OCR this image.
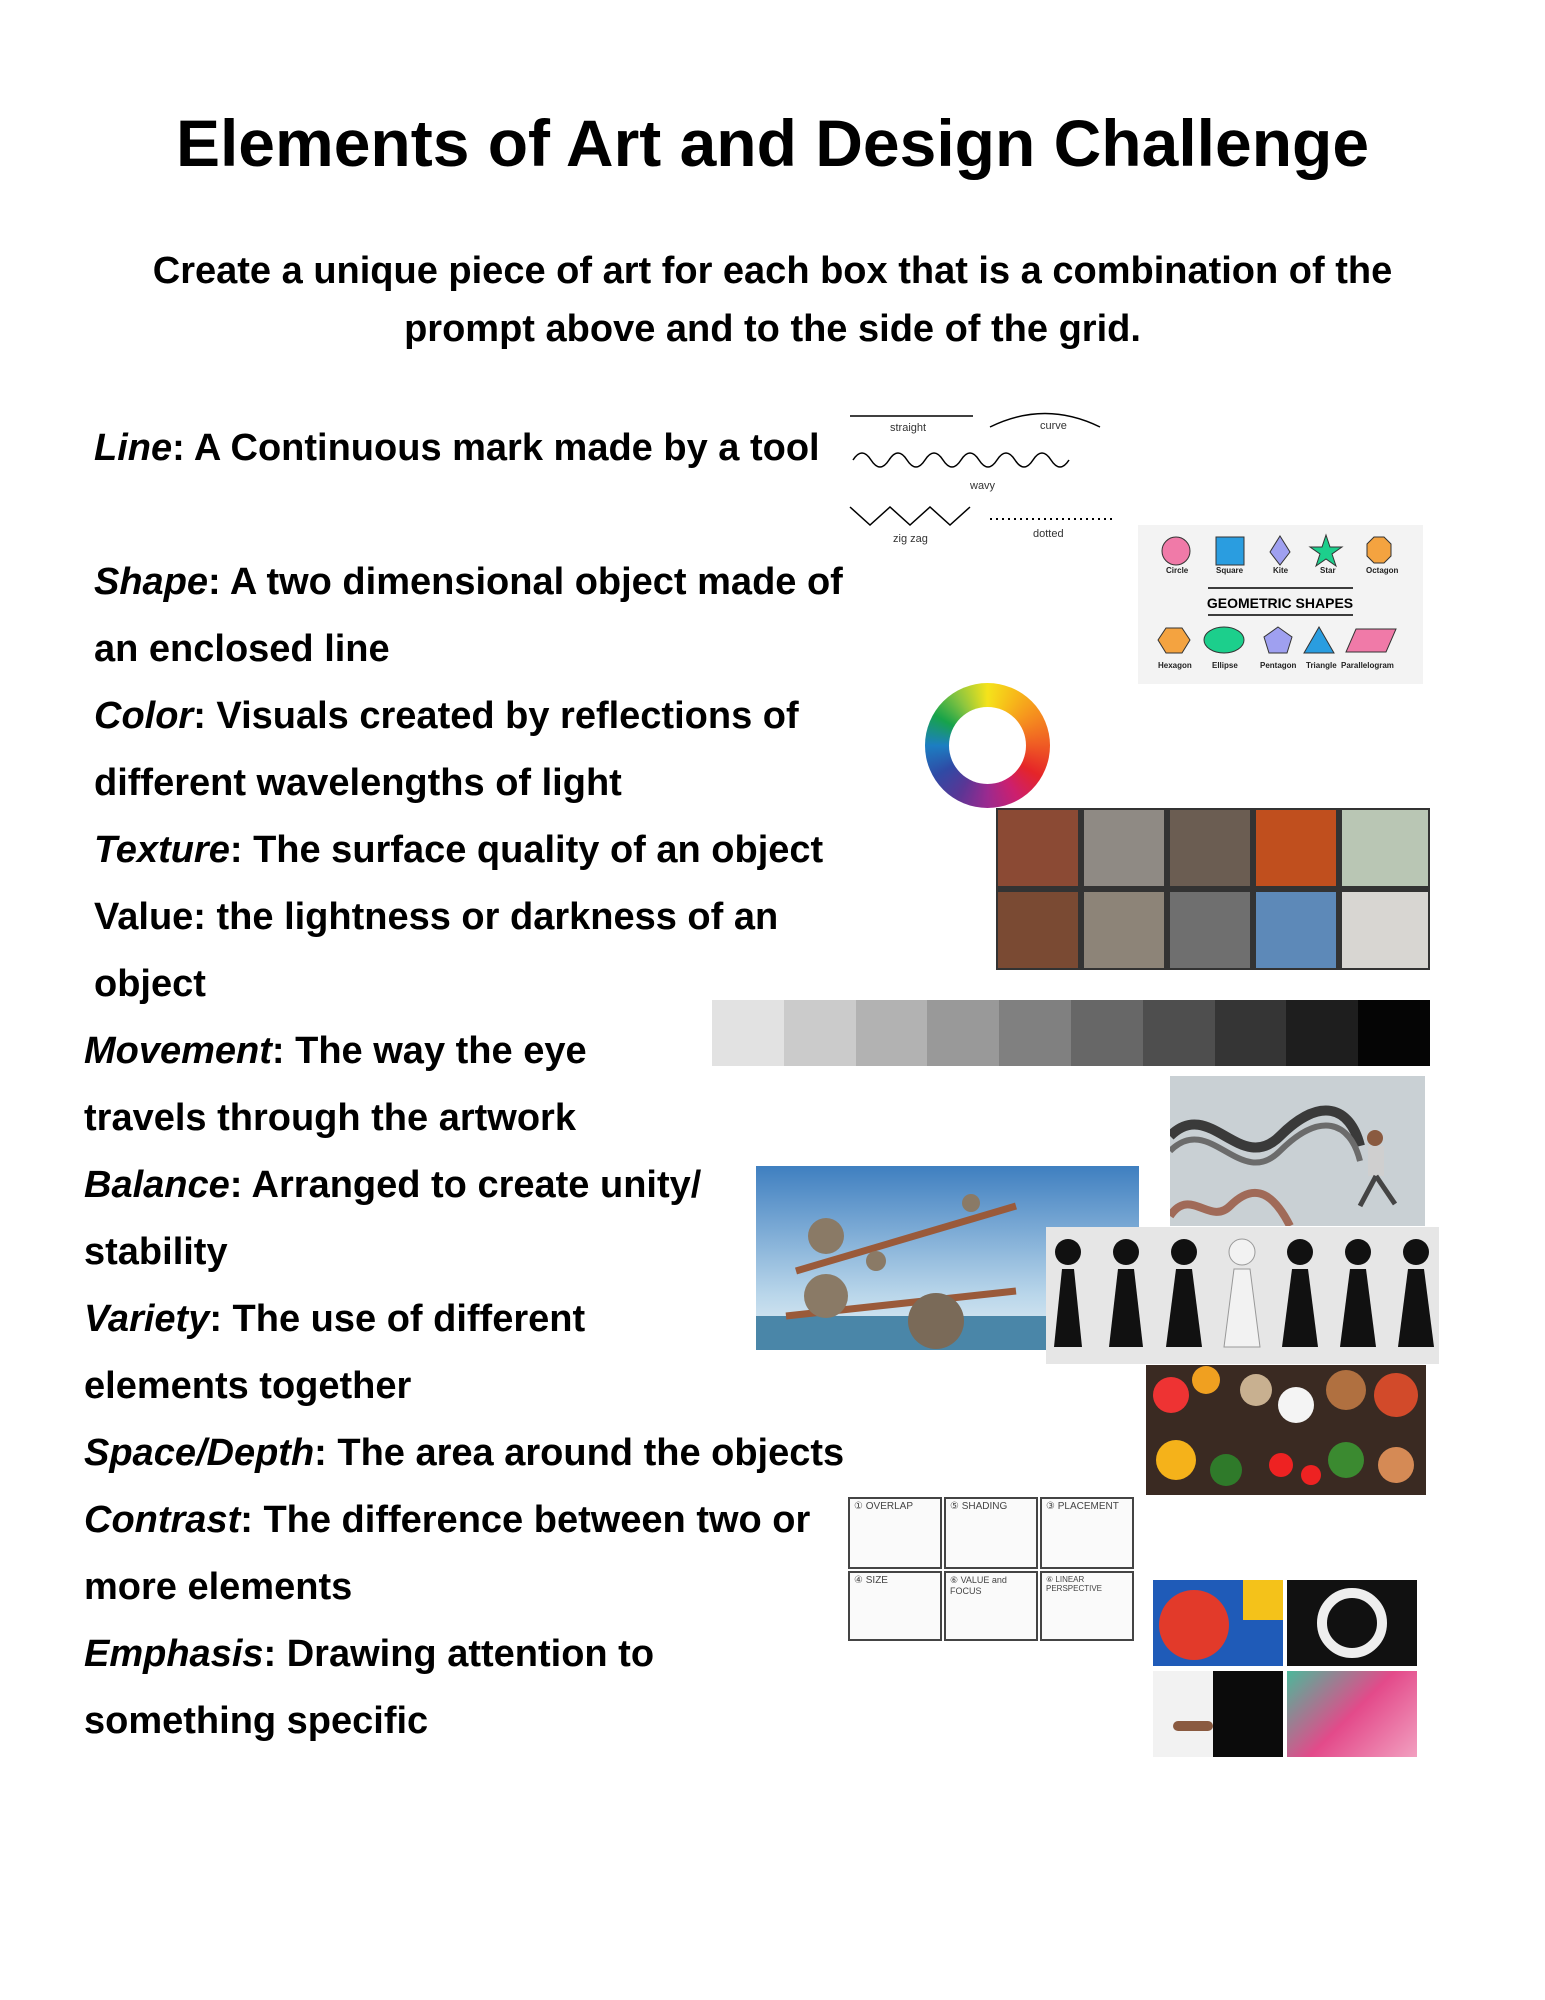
Elements of Art and Design Challenge
Create a unique piece of art for each box that is a combination of the prompt above and to the side of the grid.
Line: A Continuous mark made by a tool
Shape: A two dimensional object made of an enclosed line
Color: Visuals created by reflections of different wavelengths of light
Texture: The surface quality of an object
Value: the lightness or darkness of an object
Movement: The way the eye travels through the artwork
Balance: Arranged to create unity/ stability
Variety: The use of different elements together
Space/Depth: The area around the objects
Contrast: The difference between two or more elements
Emphasis: Drawing attention to something specific
straight	curve
wavy
zig zag	dotted
Circle	Square	Kite	Star	Octagon
GEOMETRIC SHAPES
Hexagon	Ellipse	Pentagon Triangle Parallelogram
① OVERLAP	⑤ SHADING	③ PLACEMENT
④ SIZE	⑥ VALUE and FOCUS
⑥ LINEAR PERSPECTIVE
